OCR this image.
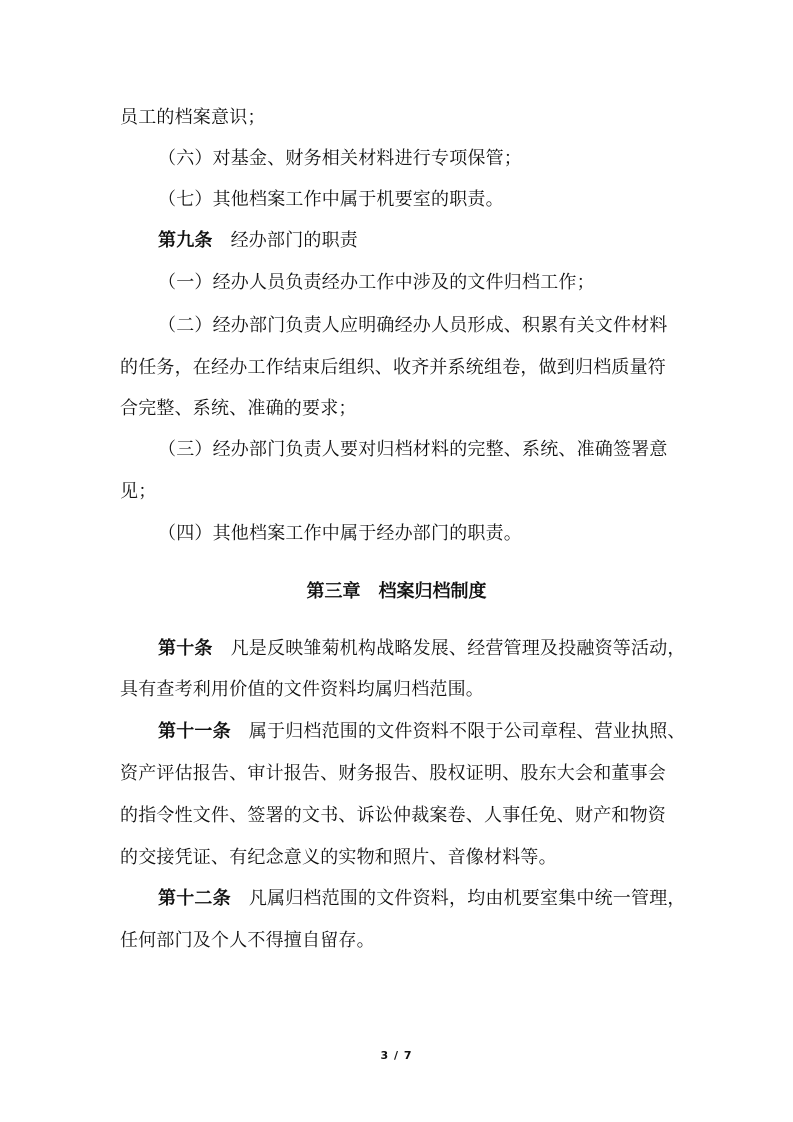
员工的档案意识；
（六）对基金、财务相关材料进行专项保管；
（七）其他档案工作中属于机要室的职责。
第九条 经办部门的职责
（一）经办人员负责经办工作中涉及的文件归档工作；
（二）经办部门负责人应明确经办人员形成、积累有关文件材料
的任务，在经办工作结束后组织、收齐并系统组卷，做到归档质量符
合完整、系统、准确的要求；
（三）经办部门负责人要对归档材料的完整、系统、准确签署意
见；
（四）其他档案工作中属于经办部门的职责。
第三章 档案归档制度
第十条 凡是反映雏菊机构战略发展、经营管理及投融资等活动，
具有查考利用价值的文件资料均属归档范围。
第十一条 属于归档范围的文件资料不限于公司章程、营业执照、
资产评估报告、审计报告、财务报告、股权证明、股东大会和董事会
的指令性文件、签署的文书、诉讼仲裁案卷、人事任免、财产和物资
的交接凭证、有纪念意义的实物和照片、音像材料等。
第十二条 凡属归档范围的文件资料，均由机要室集中统一管理，
任何部门及个人不得擅自留存。
3 / 7
